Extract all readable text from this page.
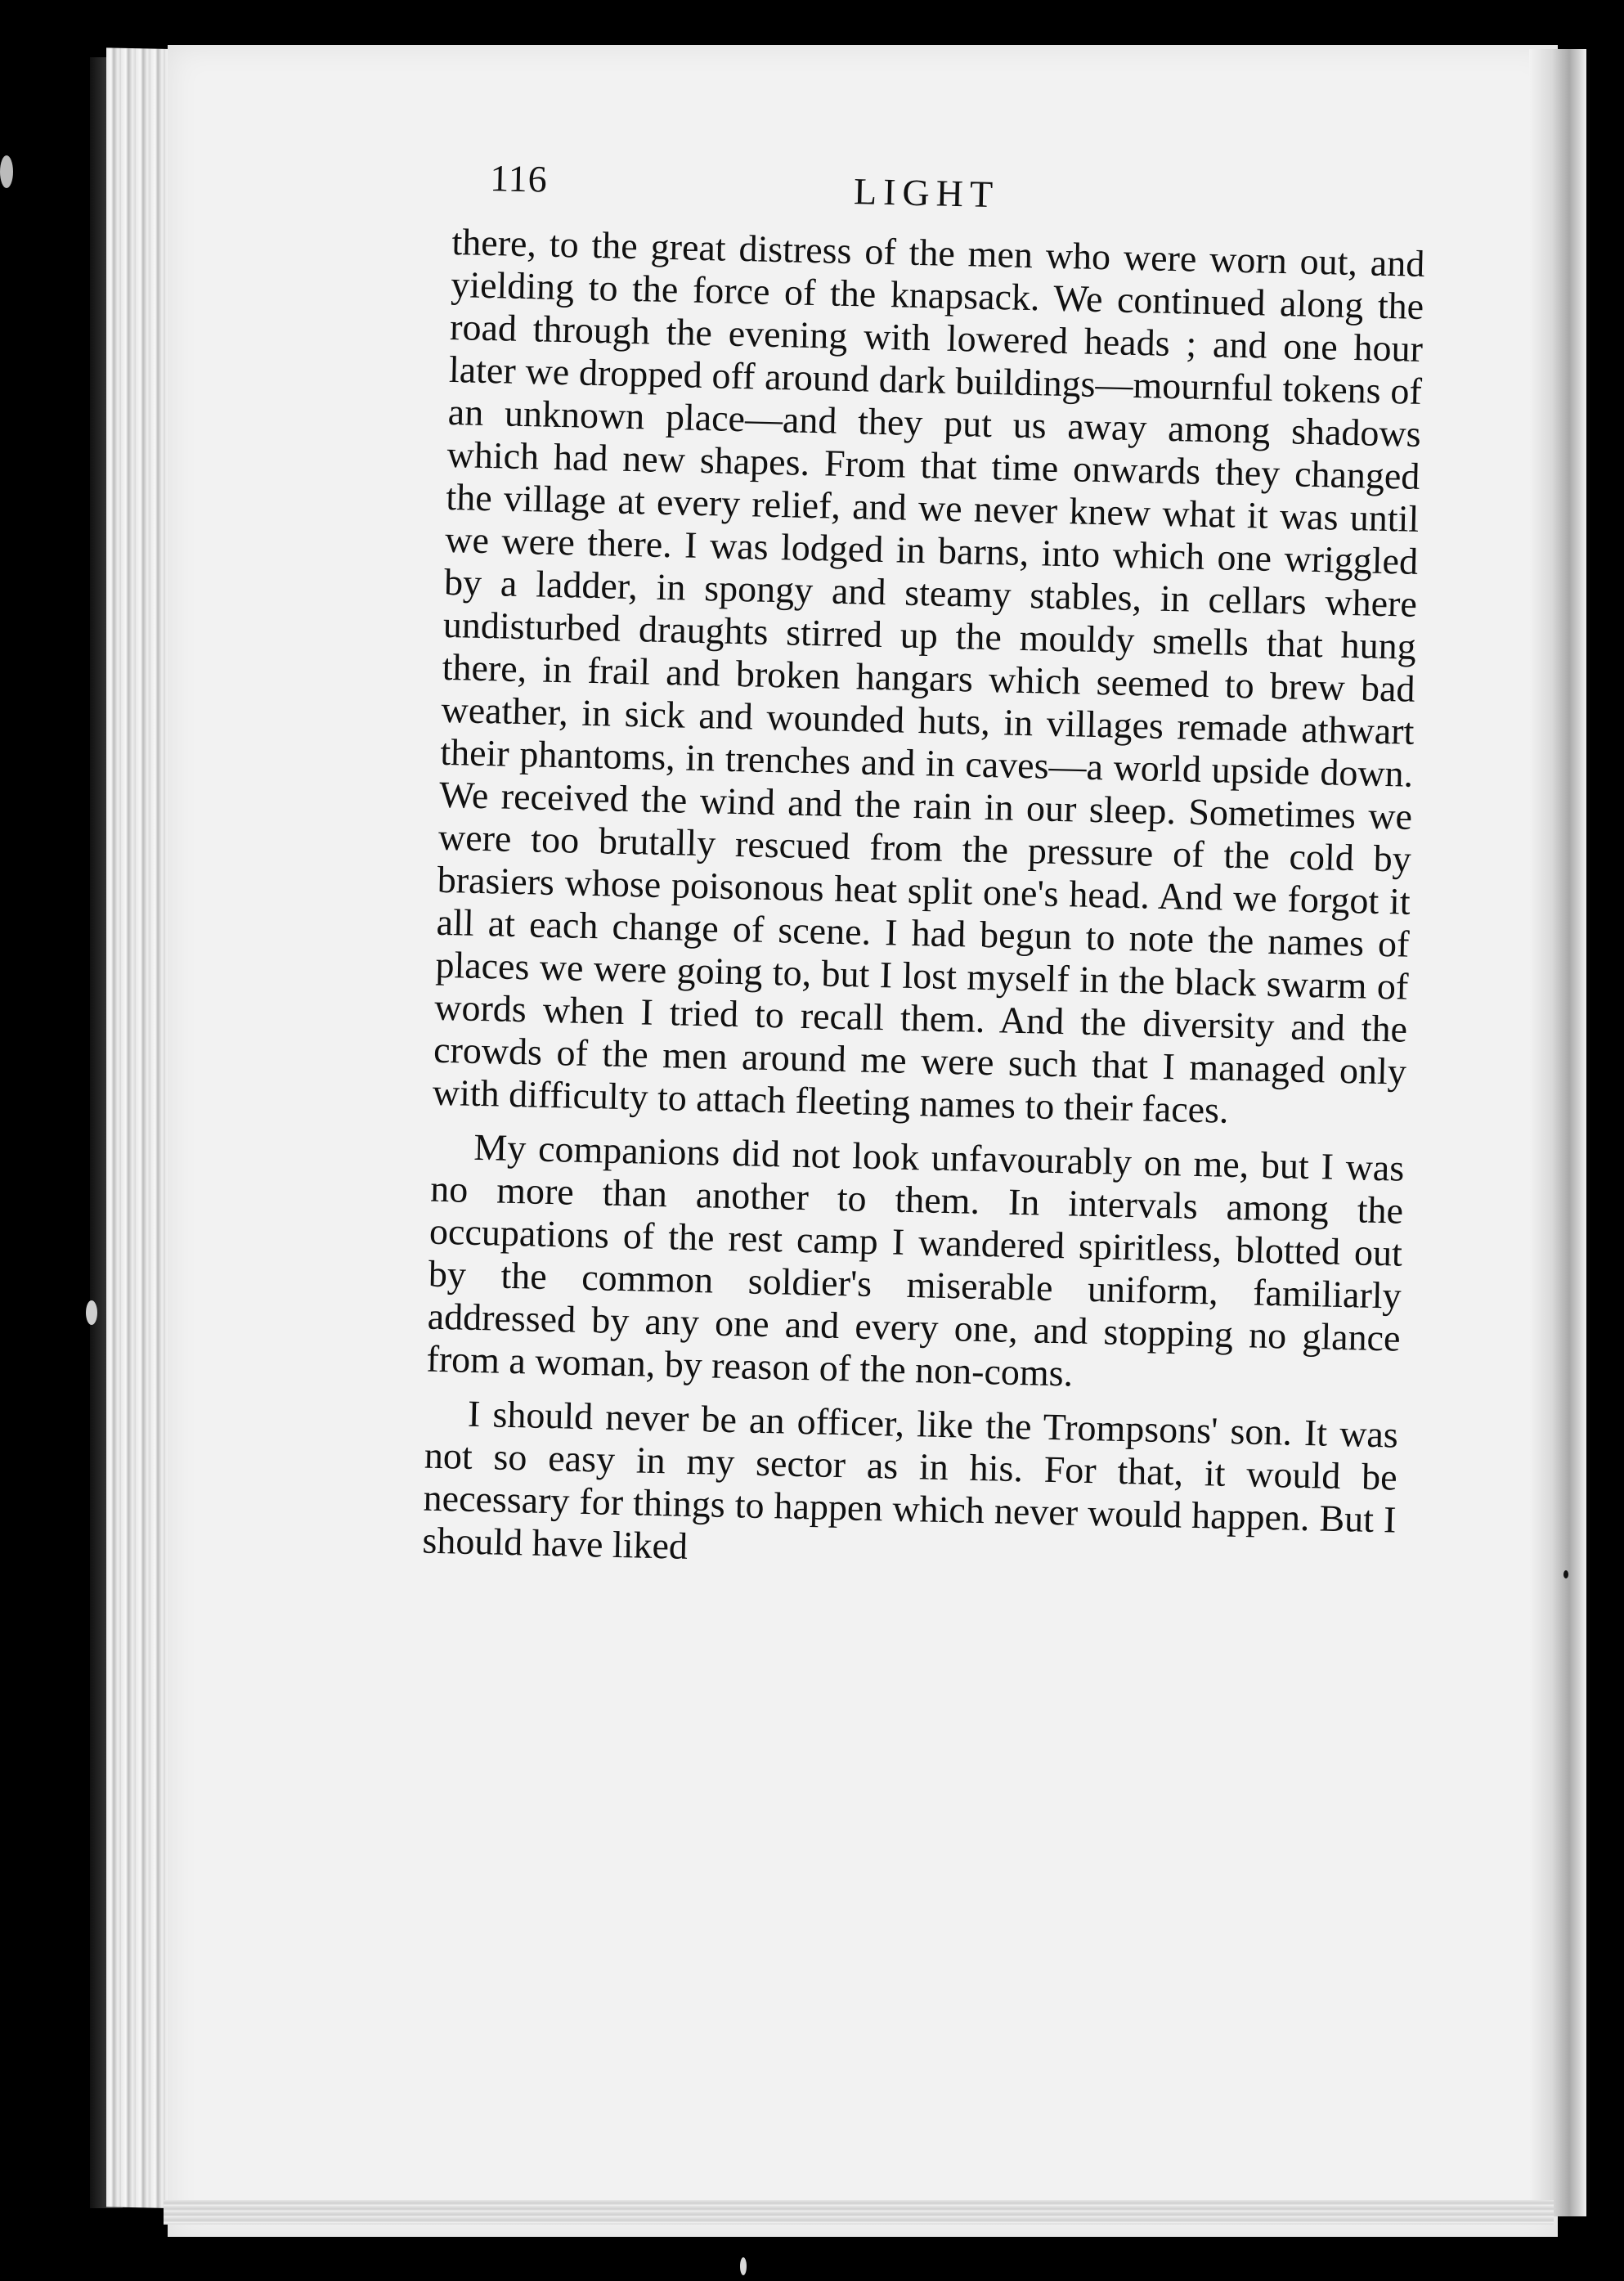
116	LIGHT

there, to the great distress of the men who were worn out, and yielding to the force of the knapsack. We continued along the road through the evening with lowered heads ; and one hour later we dropped off around dark buildings—mournful tokens of an unknown place—and they put us away among shadows which had new shapes. From that time onwards they changed the village at every relief, and we never knew what it was until we were there. I was lodged in barns, into which one wriggled by a ladder, in spongy and steamy stables, in cellars where undisturbed draughts stirred up the mouldy smells that hung there, in frail and broken hangars which seemed to brew bad weather, in sick and wounded huts, in villages remade athwart their phantoms, in trenches and in caves—a world upside down. We received the wind and the rain in our sleep. Sometimes we were too brutally rescued from the pressure of the cold by brasiers whose poisonous heat split one's head. And we forgot it all at each change of scene. I had begun to note the names of places we were going to, but I lost myself in the black swarm of words when I tried to recall them. And the diversity and the crowds of the men around me were such that I managed only with difficulty to attach fleeting names to their faces.

My companions did not look unfavourably on me, but I was no more than another to them. In intervals among the occupations of the rest camp I wandered spiritless, blotted out by the common soldier's miserable uniform, familiarly addressed by any one and every one, and stopping no glance from a woman, by reason of the non-coms.

I should never be an officer, like the Trompsons' son. It was not so easy in my sector as in his. For that, it would be necessary for things to happen which never would happen. But I should have liked
